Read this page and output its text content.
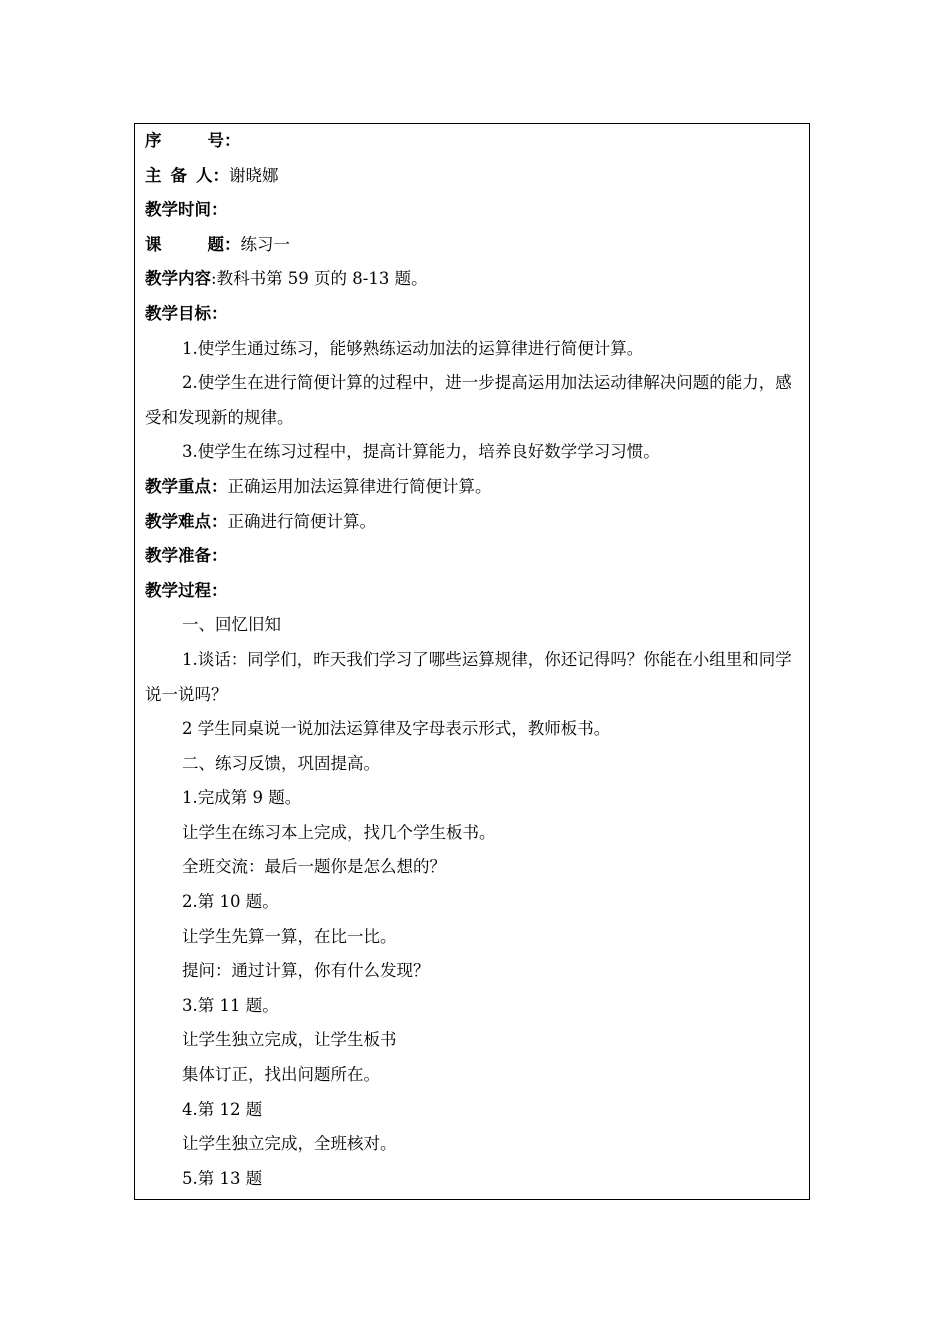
序号：
主备人：谢晓娜
教学时间：
课题：练习一
教学内容:教科书第 59 页的 8-13 题。
教学目标：
1.使学生通过练习，能够熟练运动加法的运算律进行简便计算。
2.使学生在进行简便计算的过程中，进一步提高运用加法运动律解决问题的能力，感受和发现新的规律。
3.使学生在练习过程中，提高计算能力，培养良好数学学习习惯。
教学重点：正确运用加法运算律进行简便计算。
教学难点：正确进行简便计算。
教学准备：
教学过程：
一、回忆旧知
1.谈话：同学们，昨天我们学习了哪些运算规律，你还记得吗？你能在小组里和同学说一说吗？
2 学生同桌说一说加法运算律及字母表示形式，教师板书。
二、练习反馈，巩固提高。
1.完成第 9 题。
让学生在练习本上完成，找几个学生板书。
全班交流：最后一题你是怎么想的？
2.第 10 题。
让学生先算一算，在比一比。
提问：通过计算，你有什么发现？
3.第 11 题。
让学生独立完成，让学生板书
集体订正，找出问题所在。
4.第 12 题
让学生独立完成，全班核对。
5.第 13 题
